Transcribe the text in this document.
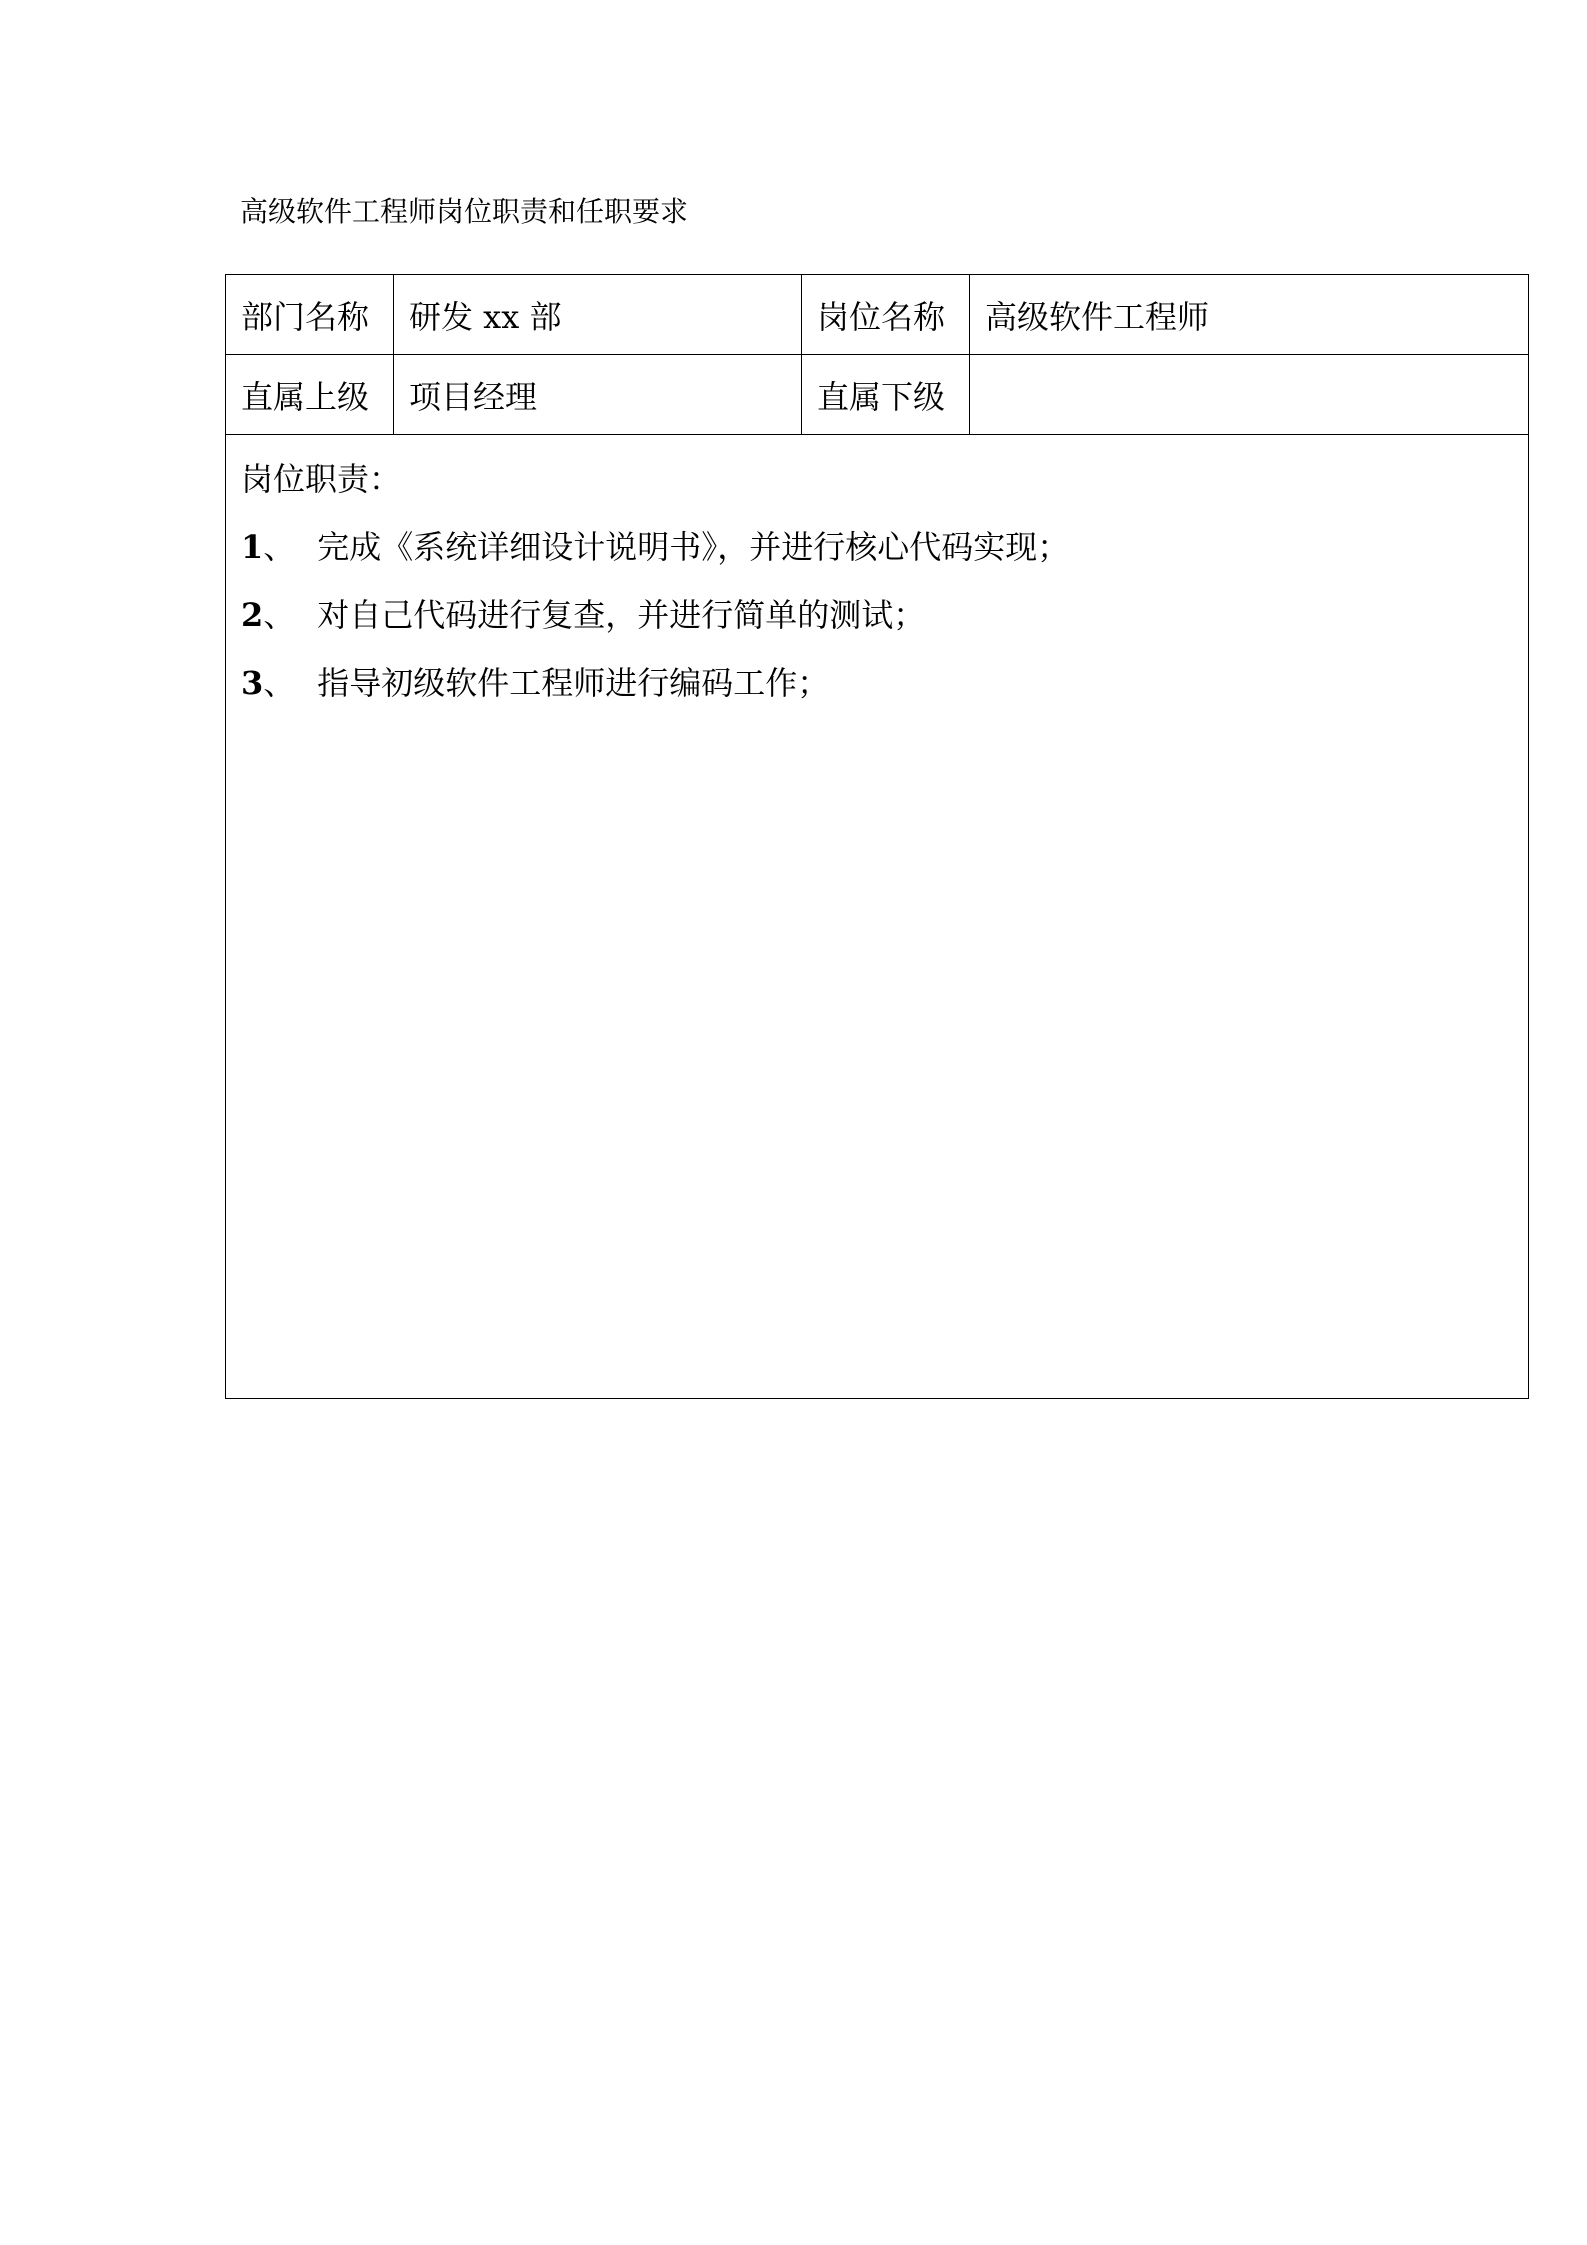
高级软件工程师岗位职责和任职要求
部门名称	研发 xx 部	岗位名称	高级软件工程师
直属上级	项目经理	直属下级	

岗位职责：
1、 完成《系统详细设计说明书》，并进行核心代码实现；
2、 对自己代码进行复查，并进行简单的测试；
3、 指导初级软件工程师进行编码工作；			
